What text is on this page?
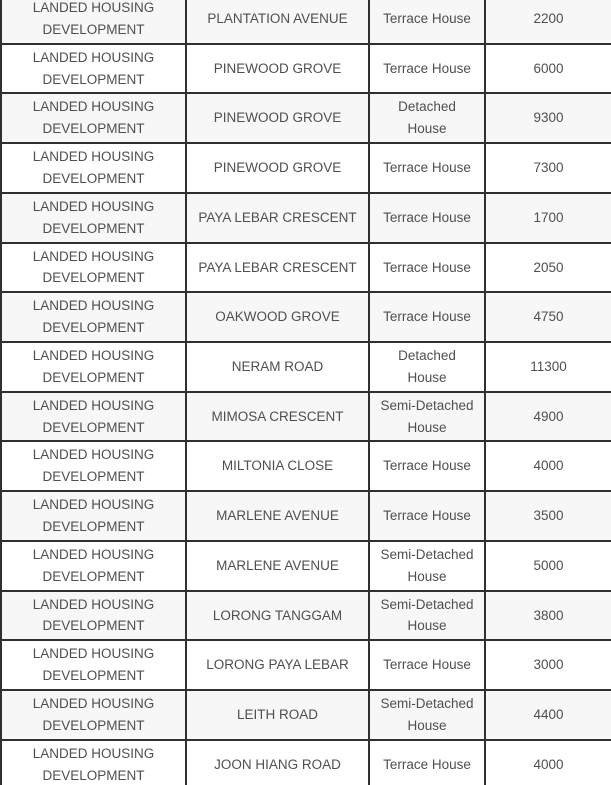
LANDED HOUSING DEVELOPMENT	PLANTATION AVENUE	Terrace House	2200
LANDED HOUSING DEVELOPMENT	PINEWOOD GROVE	Terrace House	6000
LANDED HOUSING DEVELOPMENT	PINEWOOD GROVE	Detached House	9300
LANDED HOUSING DEVELOPMENT	PINEWOOD GROVE	Terrace House	7300
LANDED HOUSING DEVELOPMENT	PAYA LEBAR CRESCENT	Terrace House	1700
LANDED HOUSING DEVELOPMENT	PAYA LEBAR CRESCENT	Terrace House	2050
LANDED HOUSING DEVELOPMENT	OAKWOOD GROVE	Terrace House	4750
LANDED HOUSING DEVELOPMENT	NERAM ROAD	Detached House	11300
LANDED HOUSING DEVELOPMENT	MIMOSA CRESCENT	Semi-Detached House	4900
LANDED HOUSING DEVELOPMENT	MILTONIA CLOSE	Terrace House	4000
LANDED HOUSING DEVELOPMENT	MARLENE AVENUE	Terrace House	3500
LANDED HOUSING DEVELOPMENT	MARLENE AVENUE	Semi-Detached House	5000
LANDED HOUSING DEVELOPMENT	LORONG TANGGAM	Semi-Detached House	3800
LANDED HOUSING DEVELOPMENT	LORONG PAYA LEBAR	Terrace House	3000
LANDED HOUSING DEVELOPMENT	LEITH ROAD	Semi-Detached House	4400
LANDED HOUSING DEVELOPMENT	JOON HIANG ROAD	Terrace House	4000
